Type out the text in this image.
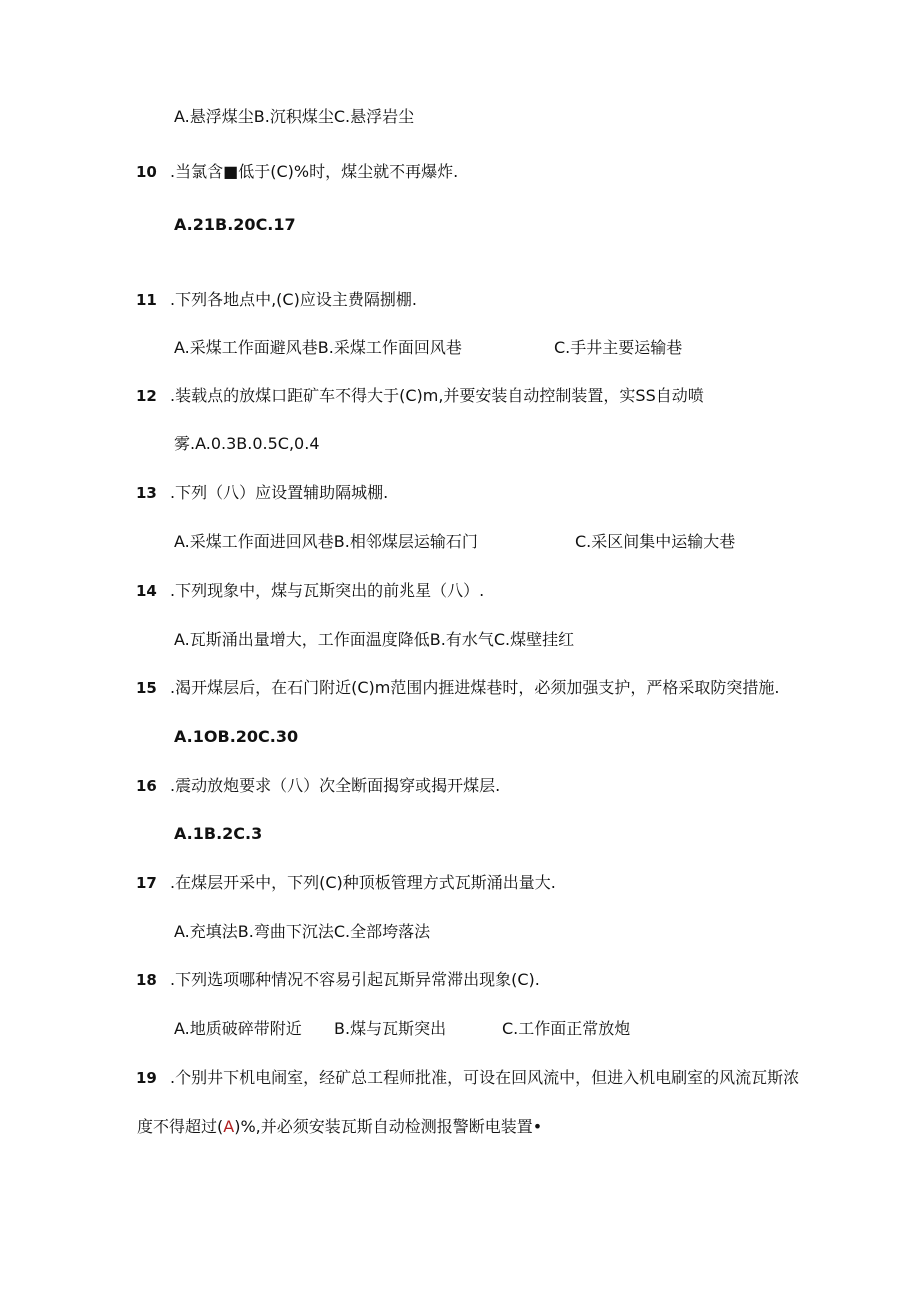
A.悬浮煤尘B.沉积煤尘C.悬浮岩尘
10 .当氯含■低于(C)%时，煤尘就不再爆炸.
A.21B.20C.17
11 .下列各地点中,(C)应设主费隔捌棚.
A.采煤工作面避风巷B.采煤工作面回风巷	C.手井主要运输巷
12 .装载点的放煤口距矿车不得大于(C)m,并要安装自动控制装置，实SS自动喷
雾.A.0.3B.0.5C,0.4
13 .下列（八）应设置辅助隔城棚.
A.采煤工作面进回风巷B.相邻煤层运输石门	C.采区间集中运输大巷
14 .下列现象中，煤与瓦斯突出的前兆星（八）.
A.瓦斯涌出量增大，工作面温度降低B.有水气C.煤壁挂红
15 .渴开煤层后，在石门附近(C)m范围内捱进煤巷时，必须加强支护，严格采取防突措施.
A.1OB.20C.30
16 .震动放炮要求（八）次全断面揭穿或揭开煤层.
A.1B.2C.3
17 .在煤层开采中，下列(C)种顶板管理方式瓦斯涌出量大.
A.充填法B.弯曲下沉法C.全部垮落法
18 .下列选项哪种情况不容易引起瓦斯异常滞出现象(C).
A.地质破碎带附近 B.煤与瓦斯突出	C.工作面正常放炮
19 .个别井下机电闹室，经矿总工程师批准，可设在回风流中，但进入机电刷室的风流瓦斯浓
度不得超过(A)%,并必须安装瓦斯自动检测报警断电装置•
